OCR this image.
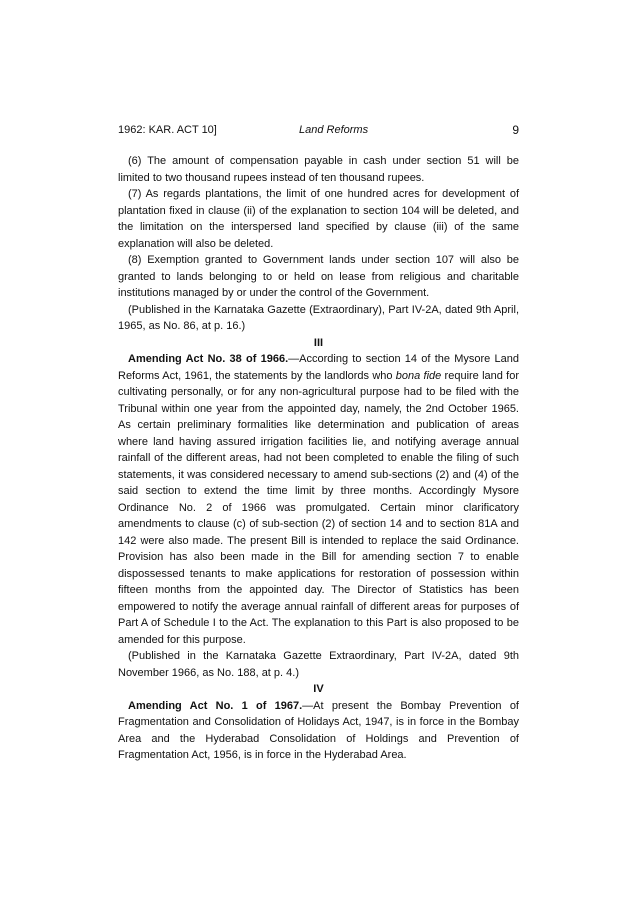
1962: KAR. ACT 10]	Land Reforms	9

(6) The amount of compensation payable in cash under section 51 will be limited to two thousand rupees instead of ten thousand rupees.

(7) As regards plantations, the limit of one hundred acres for development of plantation fixed in clause (ii) of the explanation to section 104 will be deleted, and the limitation on the interspersed land specified by clause (iii) of the same explanation will also be deleted.

(8) Exemption granted to Government lands under section 107 will also be granted to lands belonging to or held on lease from religious and charitable institutions managed by or under the control of the Government.

(Published in the Karnataka Gazette (Extraordinary), Part IV-2A, dated 9th April, 1965, as No. 86, at p. 16.)

III

Amending Act No. 38 of 1966.—According to section 14 of the Mysore Land Reforms Act, 1961, the statements by the landlords who bona fide require land for cultivating personally, or for any non-agricultural purpose had to be filed with the Tribunal within one year from the appointed day, namely, the 2nd October 1965. As certain preliminary formalities like determination and publication of areas where land having assured irrigation facilities lie, and notifying average annual rainfall of the different areas, had not been completed to enable the filing of such statements, it was considered necessary to amend sub-sections (2) and (4) of the said section to extend the time limit by three months. Accordingly Mysore Ordinance No. 2 of 1966 was promulgated. Certain minor clarificatory amendments to clause (c) of sub-section (2) of section 14 and to section 81A and 142 were also made. The present Bill is intended to replace the said Ordinance. Provision has also been made in the Bill for amending section 7 to enable dispossessed tenants to make applications for restoration of possession within fifteen months from the appointed day. The Director of Statistics has been empowered to notify the average annual rainfall of different areas for purposes of Part A of Schedule I to the Act. The explanation to this Part is also proposed to be amended for this purpose.

(Published in the Karnataka Gazette Extraordinary, Part IV-2A, dated 9th November 1966, as No. 188, at p. 4.)

IV

Amending Act No. 1 of 1967.—At present the Bombay Prevention of Fragmentation and Consolidation of Holidays Act, 1947, is in force in the Bombay Area and the Hyderabad Consolidation of Holdings and Prevention of Fragmentation Act, 1956, is in force in the Hyderabad Area.
